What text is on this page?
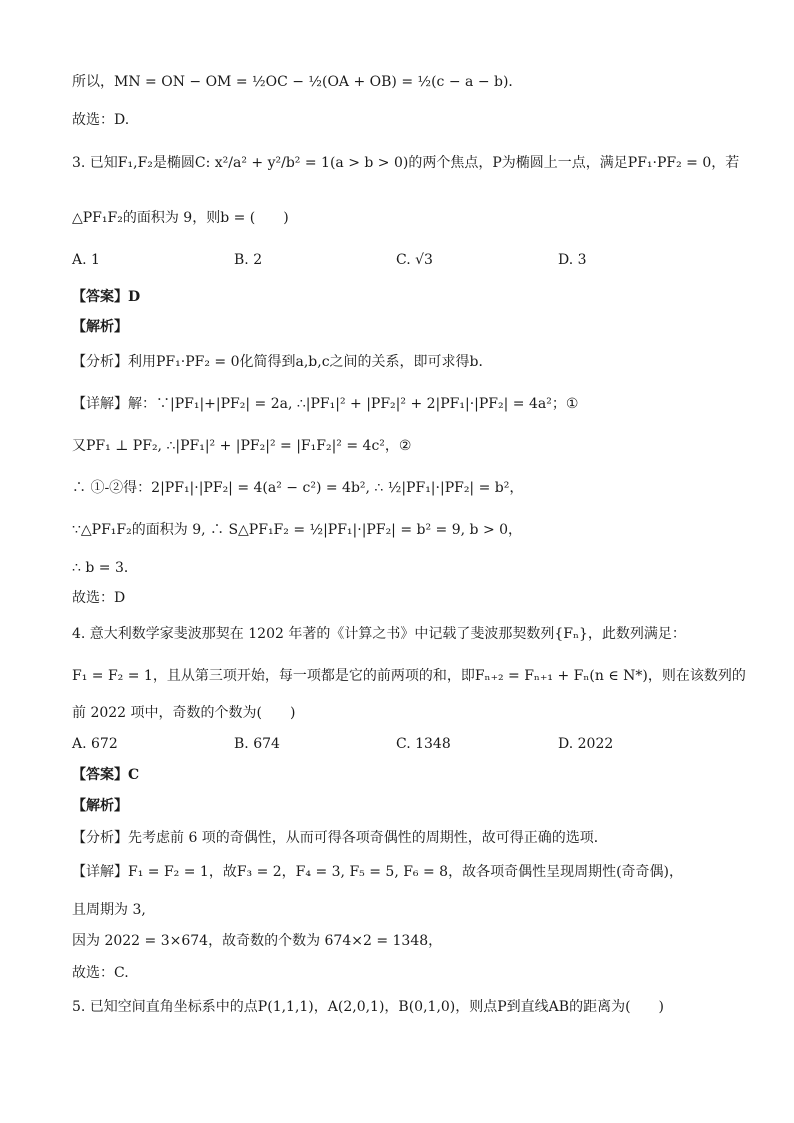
所以，MN = ON − OM = ½OC − ½(OA + OB) = ½(c − a − b)．
故选：D.
3. 已知F₁,F₂是椭圆C: x²/a² + y²/b² = 1(a > b > 0)的两个焦点，P为椭圆上一点，满足PF₁·PF₂ = 0，若
△PF₁F₂的面积为 9，则b = (　　)
A. 1	B. 2	C. √3	D. 3
【答案】D
【解析】
【分析】利用PF₁·PF₂ = 0化简得到a,b,c之间的关系，即可求得b．
【详解】解：∵|PF₁|+|PF₂| = 2a, ∴|PF₁|² + |PF₂|² + 2|PF₁|·|PF₂| = 4a²；①
又PF₁ ⊥ PF₂, ∴|PF₁|² + |PF₂|² = |F₁F₂|² = 4c²，②
∴ ①-②得：2|PF₁|·|PF₂| = 4(a² − c²) = 4b², ∴ ½|PF₁|·|PF₂| = b²，
∵△PF₁F₂的面积为 9, ∴ S△PF₁F₂ = ½|PF₁|·|PF₂| = b² = 9, b > 0，
∴ b = 3．
故选：D
4. 意大利数学家斐波那契在 1202 年著的《计算之书》中记载了斐波那契数列{Fₙ}，此数列满足：
F₁ = F₂ = 1，且从第三项开始，每一项都是它的前两项的和，即Fₙ₊₂ = Fₙ₊₁ + Fₙ(n ∈ N*)，则在该数列的
前 2022 项中，奇数的个数为(　　)
A. 672	B. 674	C. 1348	D. 2022
【答案】C
【解析】
【分析】先考虑前 6 项的奇偶性，从而可得各项奇偶性的周期性，故可得正确的选项．
【详解】F₁ = F₂ = 1，故F₃ = 2，F₄ = 3, F₅ = 5, F₆ = 8，故各项奇偶性呈现周期性(奇奇偶)，
且周期为 3,
因为 2022 = 3×674，故奇数的个数为 674×2 = 1348，
故选：C.
5. 已知空间直角坐标系中的点P(1,1,1)，A(2,0,1)，B(0,1,0)，则点P到直线AB的距离为(　　)
